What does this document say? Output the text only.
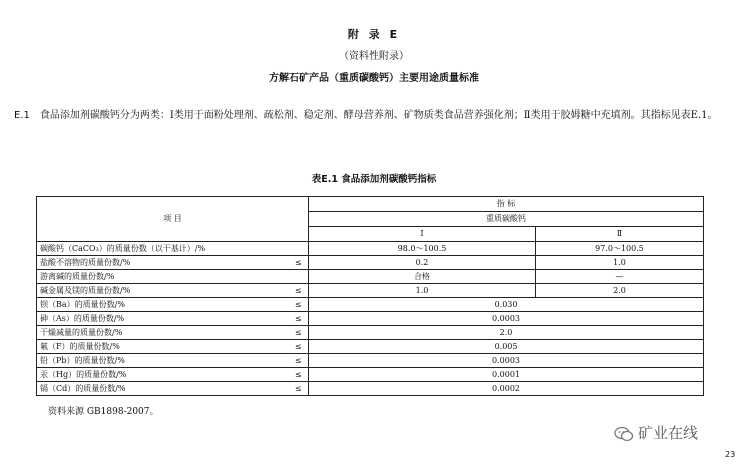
附 录 E
（资料性附录）
方解石矿产品（重质碳酸钙）主要用途质量标准
E.1 食品添加剂碳酸钙分为两类：Ⅰ类用于面粉处理剂、疏松剂、稳定剂、酵母营养剂、矿物质类食品营养强化剂；Ⅱ类用于胶姆糖中充填剂。其指标见表E.1。
表E.1 食品添加剂碳酸钙指标
项 目		指 标	
		重质碳酸钙	
		Ⅰ	Ⅱ
碳酸钙（CaCO₃）的质量份数（以干基计）/%		98.0～100.5	97.0～100.5
盐酸不溶物的质量份数/%	≤	0.2	1.0
游离碱的质量份数/%		合格	—
碱金属及镁的质量份数/%	≤	1.0	2.0
钡（Ba）的质量份数/%	≤	0.030	
砷（As）的质量份数/%	≤	0.0003	
干燥减量的质量份数/%	≤	2.0	
氟（F）的质量份数/%	≤	0.005	
铅（Pb）的质量份数/%	≤	0.0003	
汞（Hg）的质量份数/%	≤	0.0001	
镉（Cd）的质量份数/%	≤	0.0002	
资料来源 GB1898-2007。
矿业在线
23
